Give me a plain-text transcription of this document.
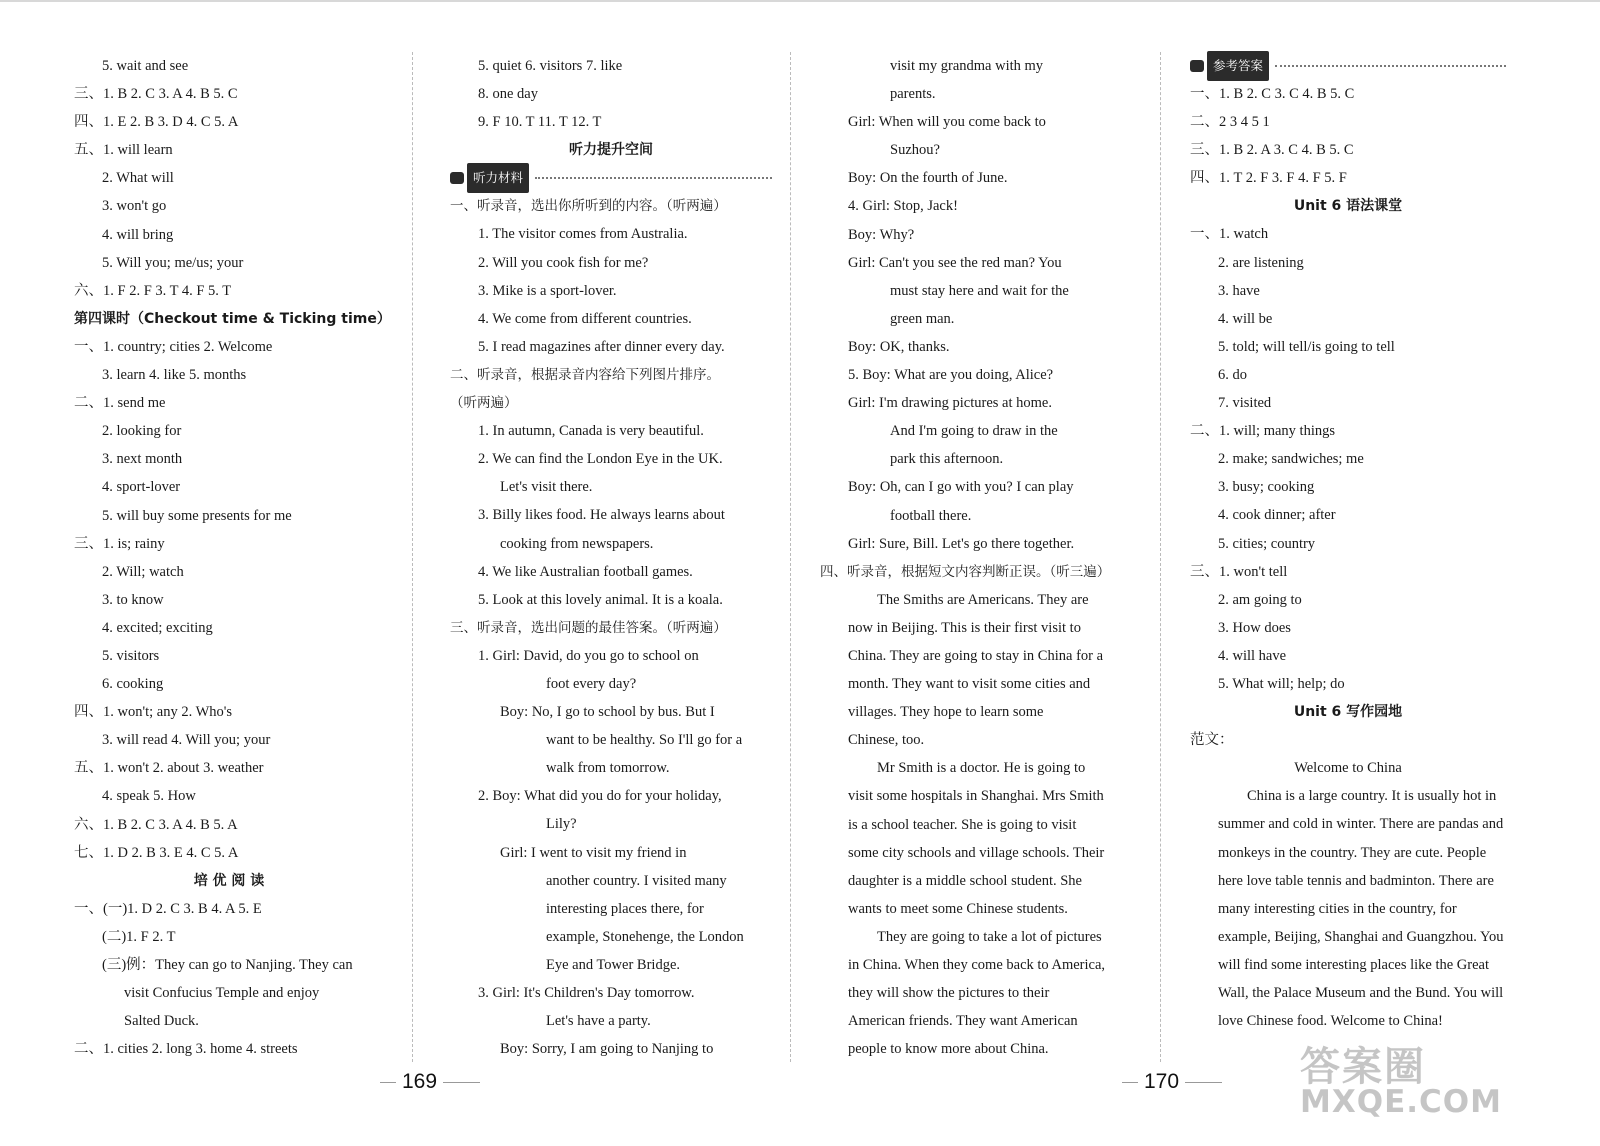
5. wait and see
三、1. B 2. C 3. A 4. B 5. C
四、1. E 2. B 3. D 4. C 5. A
五、1. will learn
2. What will
3. won't go
4. will bring
5. Will you; me/us; your
六、1. F 2. F 3. T 4. F 5. T
第四课时（Checkout time & Ticking time）
一、1. country; cities 2. Welcome
3. learn 4. like 5. months
二、1. send me
2. looking for
3. next month
4. sport-lover
5. will buy some presents for me
三、1. is; rainy
2. Will; watch
3. to know
4. excited; exciting
5. visitors
6. cooking
四、1. won't; any 2. Who's
3. will read 4. Will you; your
五、1. won't 2. about 3. weather
4. speak 5. How
六、1. B 2. C 3. A 4. B 5. A
七、1. D 2. B 3. E 4. C 5. A
培 优 阅 读
一、(一)1. D 2. C 3. B 4. A 5. E
(二)1. F 2. T
(三)例：They can go to Nanjing. They can
visit Confucius Temple and enjoy
Salted Duck.
二、1. cities 2. long 3. home 4. streets
5. quiet 6. visitors 7. like
8. one day
9. F 10. T 11. T 12. T
听力提升空间
听力材料
一、听录音，选出你所听到的内容。（听两遍）
1. The visitor comes from Australia.
2. Will you cook fish for me?
3. Mike is a sport-lover.
4. We come from different countries.
5. I read magazines after dinner every day.
二、听录音，根据录音内容给下列图片排序。
（听两遍）
1. In autumn, Canada is very beautiful.
2. We can find the London Eye in the UK.
Let's visit there.
3. Billy likes food. He always learns about
cooking from newspapers.
4. We like Australian football games.
5. Look at this lovely animal. It is a koala.
三、听录音，选出问题的最佳答案。（听两遍）
1. Girl: David, do you go to school on
foot every day?
Boy: No, I go to school by bus. But I
want to be healthy. So I'll go for a
walk from tomorrow.
2. Boy: What did you do for your holiday,
Lily?
Girl: I went to visit my friend in
another country. I visited many
interesting places there, for
example, Stonehenge, the London
Eye and Tower Bridge.
3. Girl: It's Children's Day tomorrow.
Let's have a party.
Boy: Sorry, I am going to Nanjing to
visit my grandma with my
parents.
Girl: When will you come back to
Suzhou?
Boy: On the fourth of June.
4. Girl: Stop, Jack!
Boy: Why?
Girl: Can't you see the red man? You
must stay here and wait for the
green man.
Boy: OK, thanks.
5. Boy: What are you doing, Alice?
Girl: I'm drawing pictures at home.
And I'm going to draw in the
park this afternoon.
Boy: Oh, can I go with you? I can play
football there.
Girl: Sure, Bill. Let's go there together.
四、听录音，根据短文内容判断正误。（听三遍）
The Smiths are Americans. They are
now in Beijing. This is their first visit to
China. They are going to stay in China for a
month. They want to visit some cities and
villages. They hope to learn some
Chinese, too.
Mr Smith is a doctor. He is going to
visit some hospitals in Shanghai. Mrs Smith
is a school teacher. She is going to visit
some city schools and village schools. Their
daughter is a middle school student. She
wants to meet some Chinese students.
They are going to take a lot of pictures
in China. When they come back to America,
they will show the pictures to their
American friends. They want American
people to know more about China.
参考答案
一、1. B 2. C 3. C 4. B 5. C
二、2 3 4 5 1
三、1. B 2. A 3. C 4. B 5. C
四、1. T 2. F 3. F 4. F 5. F
Unit 6 语法课堂
一、1. watch
2. are listening
3. have
4. will be
5. told; will tell/is going to tell
6. do
7. visited
二、1. will; many things
2. make; sandwiches; me
3. busy; cooking
4. cook dinner; after
5. cities; country
三、1. won't tell
2. am going to
3. How does
4. will have
5. What will; help; do
Unit 6 写作园地
范文：
Welcome to China
China is a large country. It is usually hot in
summer and cold in winter. There are pandas and
monkeys in the country. They are cute. People
here love table tennis and badminton. There are
many interesting cities in the country, for
example, Beijing, Shanghai and Guangzhou. You
will find some interesting places like the Great
Wall, the Palace Museum and the Bund. You will
love Chinese food. Welcome to China!
169	170	答案圈
MXQE.COM
